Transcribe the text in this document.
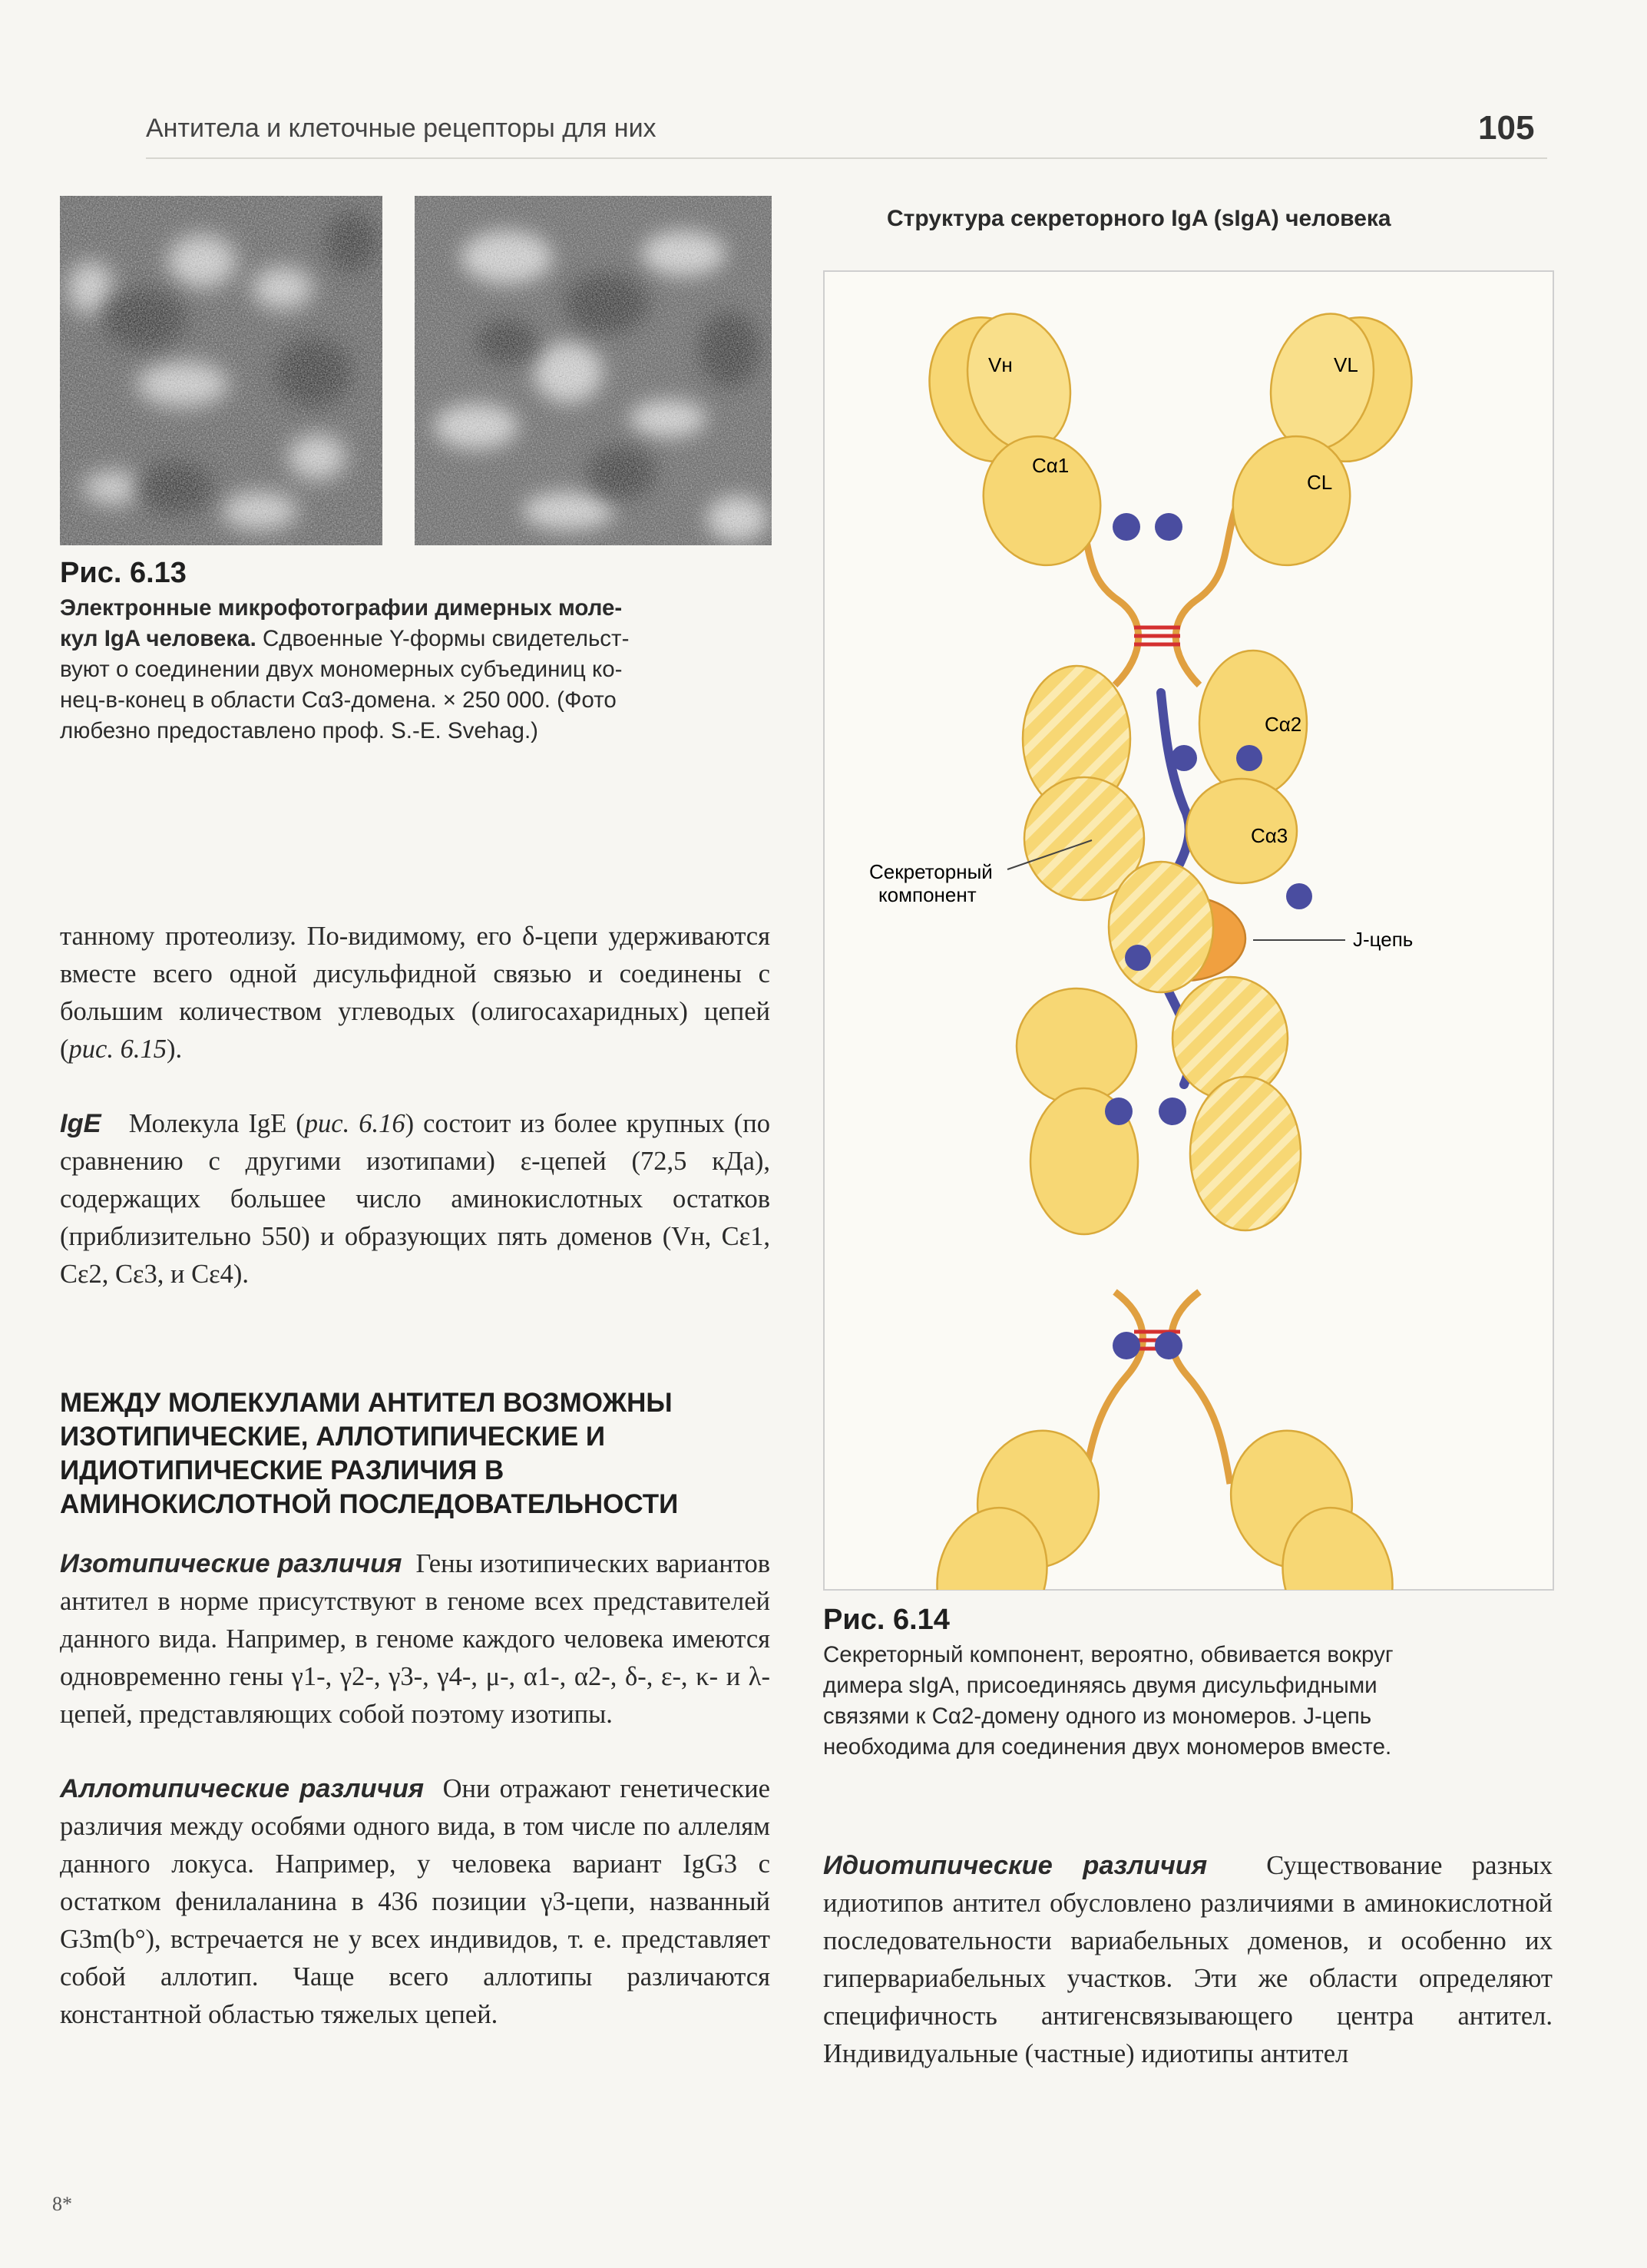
Антитела и клеточные рецепторы для них	105
Рис. 6.13
Электронные микрофотографии димерных моле-
кул IgA человека. Сдвоенные Y-формы свидетельст-
вуют о соединении двух мономерных субъединиц ко-
нец-в-конец в области Cα3-домена. × 250 000. (Фото
любезно предоставлено проф. S.-E. Svehag.)

танному протеолизу. По-видимому, его δ-цепи удерживаются вместе всего одной дисульфидной связью и соединены с большим количеством углеводых (олигосахаридных) цепей (рис. 6.15).

IgE Молекула IgE (рис. 6.16) состоит из более крупных (по сравнению с другими изотипами) ε-цепей (72,5 кДа), содержащих большее число аминокислотных остатков (приблизительно 550) и образующих пять доменов (Vн, Cε1, Cε2, Cε3, и Cε4).

МЕЖДУ МОЛЕКУЛАМИ АНТИТЕЛ ВОЗМОЖНЫ
ИЗОТИПИЧЕСКИЕ, АЛЛОТИПИЧЕСКИЕ И
ИДИОТИПИЧЕСКИЕ РАЗЛИЧИЯ В
АМИНОКИСЛОТНОЙ ПОСЛЕДОВАТЕЛЬНОСТИ

Изотипические различия Гены изотипических вариантов антител в норме присутствуют в геноме всех представителей данного вида. Например, в геноме каждого человека имеются одновременно гены γ1-, γ2-, γ3-, γ4-, μ-, α1-, α2-, δ-, ε-, κ- и λ-цепей, представляющих собой поэтому изотипы.

Аллотипические различия Они отражают генетические различия между особями одного вида, в том числе по аллелям данного локуса. Например, у человека вариант IgG3 с остатком фенилаланина в 436 позиции γ3-цепи, названный G3m(b°), встречается не у всех индивидов, т. е. представляет собой аллотип. Чаще всего аллотипы различаются константной областью тяжелых цепей.

Структура секреторного IgA (sIgA) человека
Vн	VL
Cα1
CL
Cα2
Cα3
Секреторный
компонент
J-цепь
Рис. 6.14
Секреторный компонент, вероятно, обвивается вокруг
димера sIgA, присоединяясь двумя дисульфидными
связями к Cα2-домену одного из мономеров. J-цепь
необходима для соединения двух мономеров вместе.

Идиотипические различия Существование разных идиотипов антител обусловлено различиями в аминокислотной последовательности вариабельных доменов, и особенно их гипервариабельных участков. Эти же области определяют специфичность антигенсвязывающего центра антител. Индивидуальные (частные) идиотипы антител

8*
